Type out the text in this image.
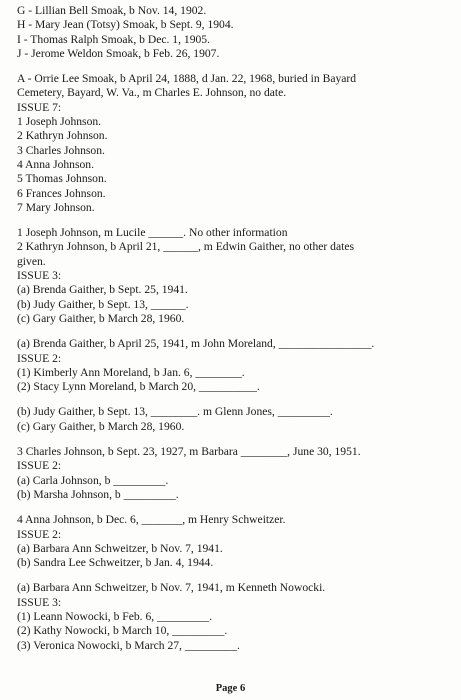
G - Lillian Bell Smoak, b Nov. 14, 1902.
H - Mary Jean (Totsy) Smoak, b Sept. 9, 1904.
I - Thomas Ralph Smoak, b Dec. 1, 1905.
J - Jerome Weldon Smoak, b Feb. 26, 1907.
A - Orrie Lee Smoak, b April 24, 1888, d Jan. 22, 1968, buried in Bayard
Cemetery, Bayard, W. Va., m Charles E. Johnson, no date.
ISSUE 7:
1 Joseph Johnson.
2 Kathryn Johnson.
3 Charles Johnson.
4 Anna Johnson.
5 Thomas Johnson.
6 Frances Johnson.
7 Mary Johnson.
1 Joseph Johnson, m Lucile ______. No other information
2 Kathryn Johnson, b April 21, ______, m Edwin Gaither, no other dates
given.
ISSUE 3:
(a) Brenda Gaither, b Sept. 25, 1941.
(b) Judy Gaither, b Sept. 13, ______.
(c) Gary Gaither, b March 28, 1960.
(a) Brenda Gaither, b April 25, 1941, m John Moreland, ________________.
ISSUE 2:
(1) Kimberly Ann Moreland, b Jan. 6, ________.
(2) Stacy Lynn Moreland, b March 20, __________.
(b) Judy Gaither, b Sept. 13, ________. m Glenn Jones, _________.
(c) Gary Gaither, b March 28, 1960.
3 Charles Johnson, b Sept. 23, 1927, m Barbara ________, June 30, 1951.
ISSUE 2:
(a) Carla Johnson, b _________.
(b) Marsha Johnson, b _________.
4 Anna Johnson, b Dec. 6, _______, m Henry Schweitzer.
ISSUE 2:
(a) Barbara Ann Schweitzer, b Nov. 7, 1941.
(b) Sandra Lee Schweitzer, b Jan. 4, 1944.
(a) Barbara Ann Schweitzer, b Nov. 7, 1941, m Kenneth Nowocki.
ISSUE 3:
(1) Leann Nowocki, b Feb. 6, _________.
(2) Kathy Nowocki, b March 10, _________.
(3) Veronica Nowocki, b March 27, _________.
Page 6
